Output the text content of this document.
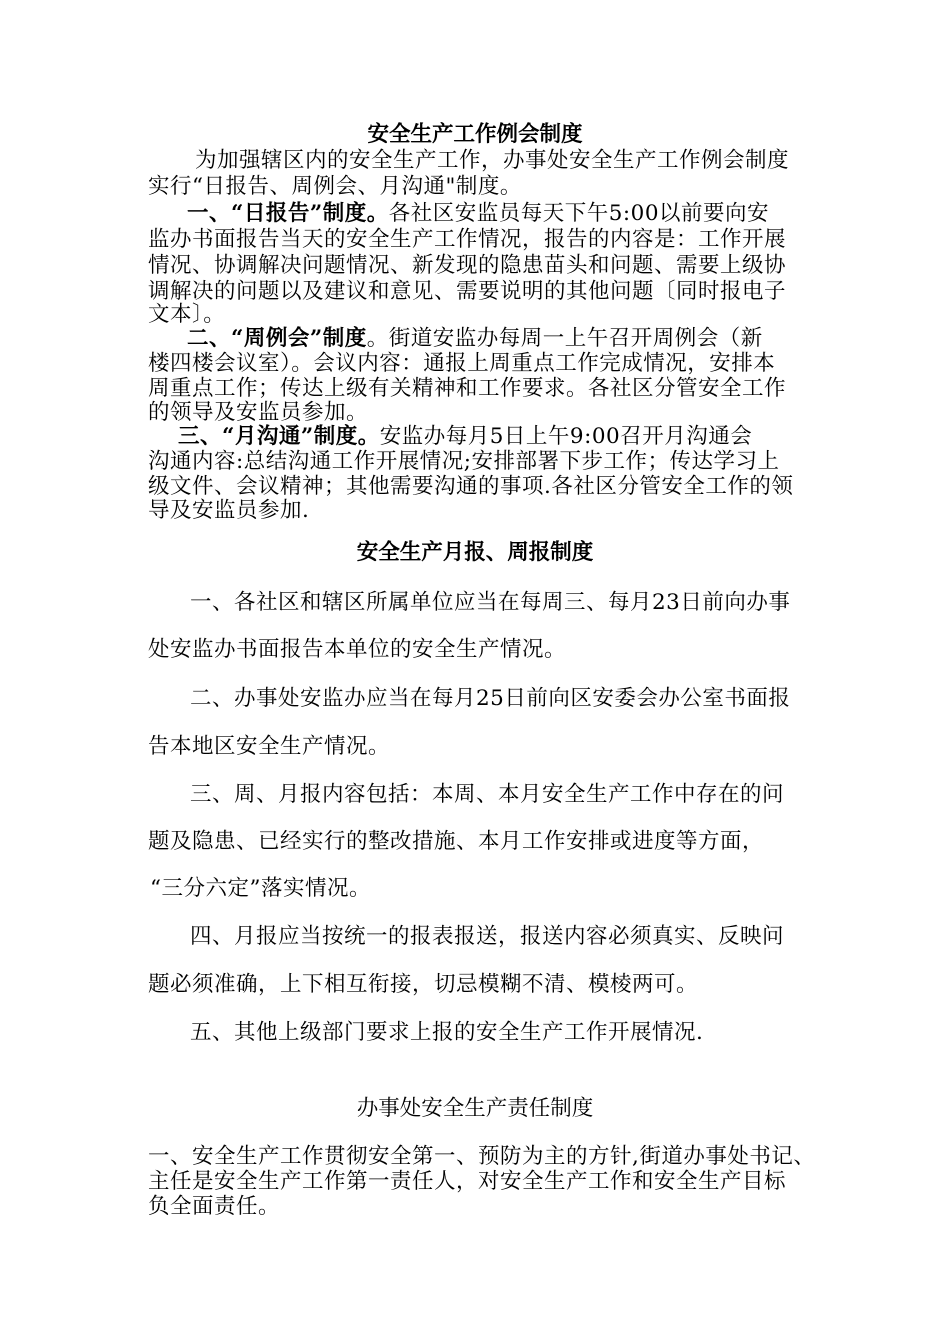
安全生产工作例会制度
为加强辖区内的安全生产工作，办事处安全生产工作例会制度
实行“日报告、周例会、月沟通"制度。
一、“日报告”制度。各社区安监员每天下午5:00以前要向安
监办书面报告当天的安全生产工作情况，报告的内容是：工作开展
情况、协调解决问题情况、新发现的隐患苗头和问题、需要上级协
调解决的问题以及建议和意见、需要说明的其他问题〔同时报电子
文本〕。
二、“周例会”制度。街道安监办每周一上午召开周例会（新
楼四楼会议室）。会议内容：通报上周重点工作完成情况，安排本
周重点工作；传达上级有关精神和工作要求。各社区分管安全工作
的领导及安监员参加。
三、“月沟通”制度。安监办每月5日上午9:00召开月沟通会
沟通内容:总结沟通工作开展情况;安排部署下步工作；传达学习上
级文件、会议精神；其他需要沟通的事项.各社区分管安全工作的领
导及安监员参加.
安全生产月报、周报制度
一、各社区和辖区所属单位应当在每周三、每月23日前向办事
处安监办书面报告本单位的安全生产情况。
二、办事处安监办应当在每月25日前向区安委会办公室书面报
告本地区安全生产情况。
三、周、月报内容包括：本周、本月安全生产工作中存在的问
题及隐患、已经实行的整改措施、本月工作安排或进度等方面，
“三分六定”落实情况。
四、月报应当按统一的报表报送，报送内容必须真实、反映问
题必须准确，上下相互衔接，切忌模糊不清、模棱两可。
五、其他上级部门要求上报的安全生产工作开展情况.
办事处安全生产责任制度
一、安全生产工作贯彻安全第一、预防为主的方针,街道办事处书记、
主任是安全生产工作第一责任人，对安全生产工作和安全生产目标
负全面责任。
